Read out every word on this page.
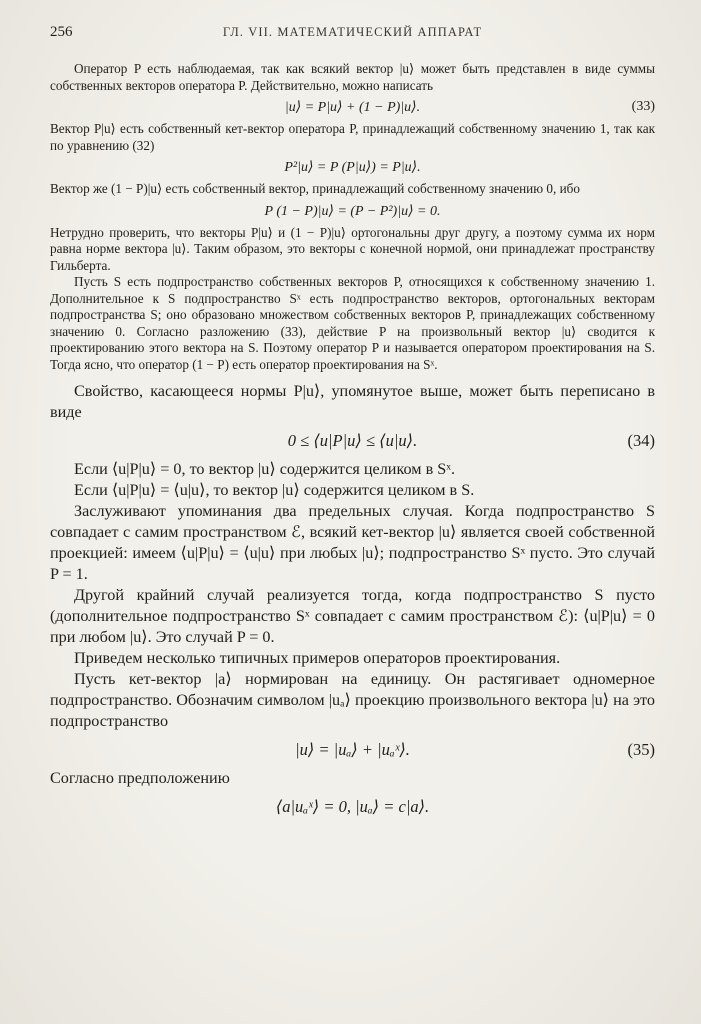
256	ГЛ. VII. МАТЕМАТИЧЕСКИЙ АППАРАТ

Оператор P есть наблюдаемая, так как всякий вектор |u⟩ может быть представлен в виде суммы собственных векторов оператора P. Действительно, можно написать

|u⟩ = P|u⟩ + (1 − P)|u⟩.	(33)

Вектор P|u⟩ есть собственный кет-вектор оператора P, принадлежащий собственному значению 1, так как по уравнению (32)

P²|u⟩ = P (P|u⟩) = P|u⟩.

Вектор же (1 − P)|u⟩ есть собственный вектор, принадлежащий собственному значению 0, ибо

P (1 − P)|u⟩ = (P − P²)|u⟩ = 0.

Нетрудно проверить, что векторы P|u⟩ и (1 − P)|u⟩ ортогональны друг другу, а поэтому сумма их норм равна норме вектора |u⟩. Таким образом, это векторы с конечной нормой, они принадлежат пространству Гильберта.

Пусть S есть подпространство собственных векторов P, относящихся к собственному значению 1. Дополнительное к S подпространство Sˣ есть подпространство векторов, ортогональных векторам подпространства S; оно образовано множеством собственных векторов P, принадлежащих собственному значению 0. Согласно разложению (33), действие P на произвольный вектор |u⟩ сводится к проектированию этого вектора на S. Поэтому оператор P и называется оператором проектирования на S. Тогда ясно, что оператор (1 − P) есть оператор проектирования на Sˣ.

Свойство, касающееся нормы P|u⟩, упомянутое выше, может быть переписано в виде

0 ≤ ⟨u|P|u⟩ ≤ ⟨u|u⟩.	(34)

Если ⟨u|P|u⟩ = 0, то вектор |u⟩ содержится целиком в Sˣ.

Если ⟨u|P|u⟩ = ⟨u|u⟩, то вектор |u⟩ содержится целиком в S.

Заслуживают упоминания два предельных случая. Когда подпространство S совпадает с самим пространством ℰ, всякий кет-вектор |u⟩ является своей собственной проекцией: имеем ⟨u|P|u⟩ = ⟨u|u⟩ при любых |u⟩; подпространство Sˣ пусто. Это случай P = 1.

Другой крайний случай реализуется тогда, когда подпространство S пусто (дополнительное подпространство Sˣ совпадает с самим пространством ℰ): ⟨u|P|u⟩ = 0 при любом |u⟩. Это случай P = 0.

Приведем несколько типичных примеров операторов проектирования.

Пусть кет-вектор |a⟩ нормирован на единицу. Он растягивает одномерное подпространство. Обозначим символом |uₐ⟩ проекцию произвольного вектора |u⟩ на это подпространство

|u⟩ = |uₐ⟩ + |uₐˣ⟩.	(35)

Согласно предположению

⟨a|uₐˣ⟩ = 0, |uₐ⟩ = c|a⟩.
